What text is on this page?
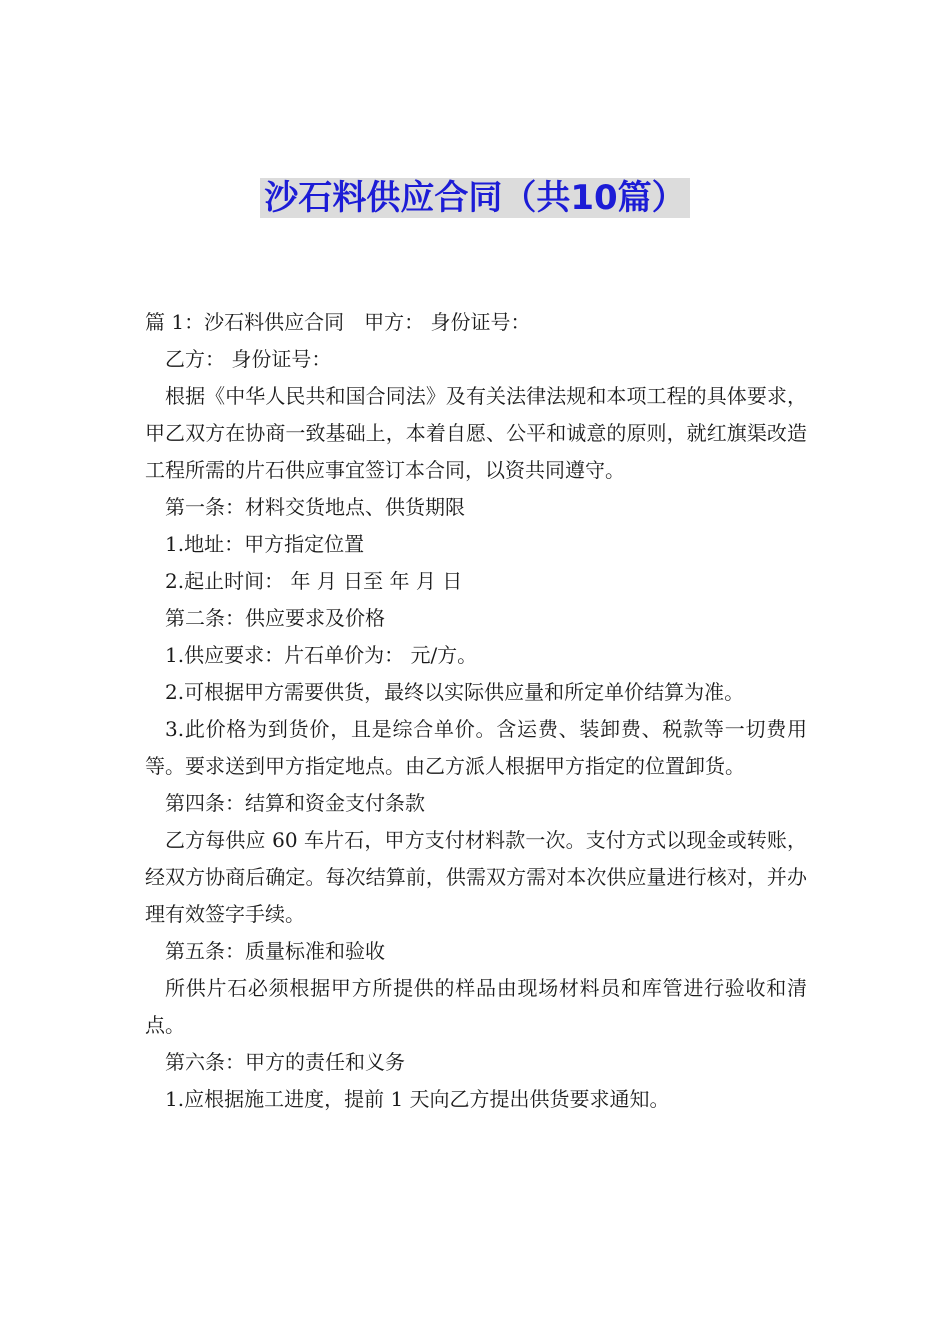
沙石料供应合同（共10篇）

篇 1：沙石料供应合同　甲方： 身份证号：

乙方： 身份证号：

根据《中华人民共和国合同法》及有关法律法规和本项工程的具体要求，甲乙双方在协商一致基础上，本着自愿、公平和诚意的原则，就红旗渠改造工程所需的片石供应事宜签订本合同，以资共同遵守。

第一条：材料交货地点、供货期限

1.地址：甲方指定位置

2.起止时间： 年 月 日至 年 月 日

第二条：供应要求及价格

1.供应要求：片石单价为： 元/方。

2.可根据甲方需要供货，最终以实际供应量和所定单价结算为准。

3.此价格为到货价，且是综合单价。含运费、装卸费、税款等一切费用等。要求送到甲方指定地点。由乙方派人根据甲方指定的位置卸货。

第四条：结算和资金支付条款

乙方每供应 60 车片石，甲方支付材料款一次。支付方式以现金或转账，经双方协商后确定。每次结算前，供需双方需对本次供应量进行核对，并办理有效签字手续。

第五条：质量标准和验收

所供片石必须根据甲方所提供的样品由现场材料员和库管进行验收和清点。

第六条：甲方的责任和义务

1.应根据施工进度，提前 1 天向乙方提出供货要求通知。
